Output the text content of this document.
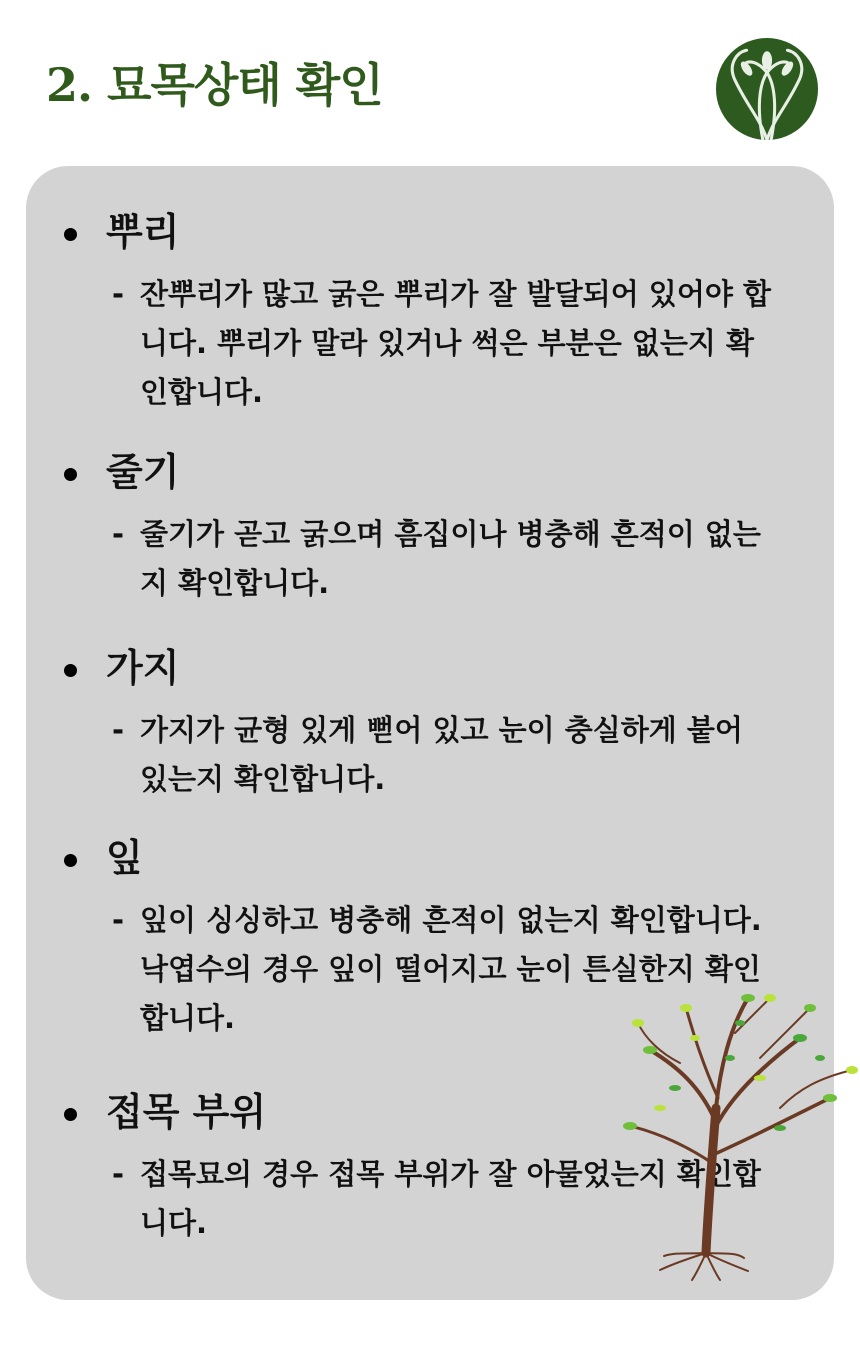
2. 묘목상태 확인
뿌리
- 잔뿌리가 많고 굵은 뿌리가 잘 발달되어 있어야 합니다. 뿌리가 말라 있거나 썩은 부분은 없는지 확인합니다.
줄기
- 줄기가 곧고 굵으며 흠집이나 병충해 흔적이 없는지 확인합니다.
가지
- 가지가 균형 있게 뻗어 있고 눈이 충실하게 붙어 있는지 확인합니다.
잎
- 잎이 싱싱하고 병충해 흔적이 없는지 확인합니다. 낙엽수의 경우 잎이 떨어지고 눈이 튼실한지 확인합니다.
접목 부위
- 접목묘의 경우 접목 부위가 잘 아물었는지 확인합니다.
